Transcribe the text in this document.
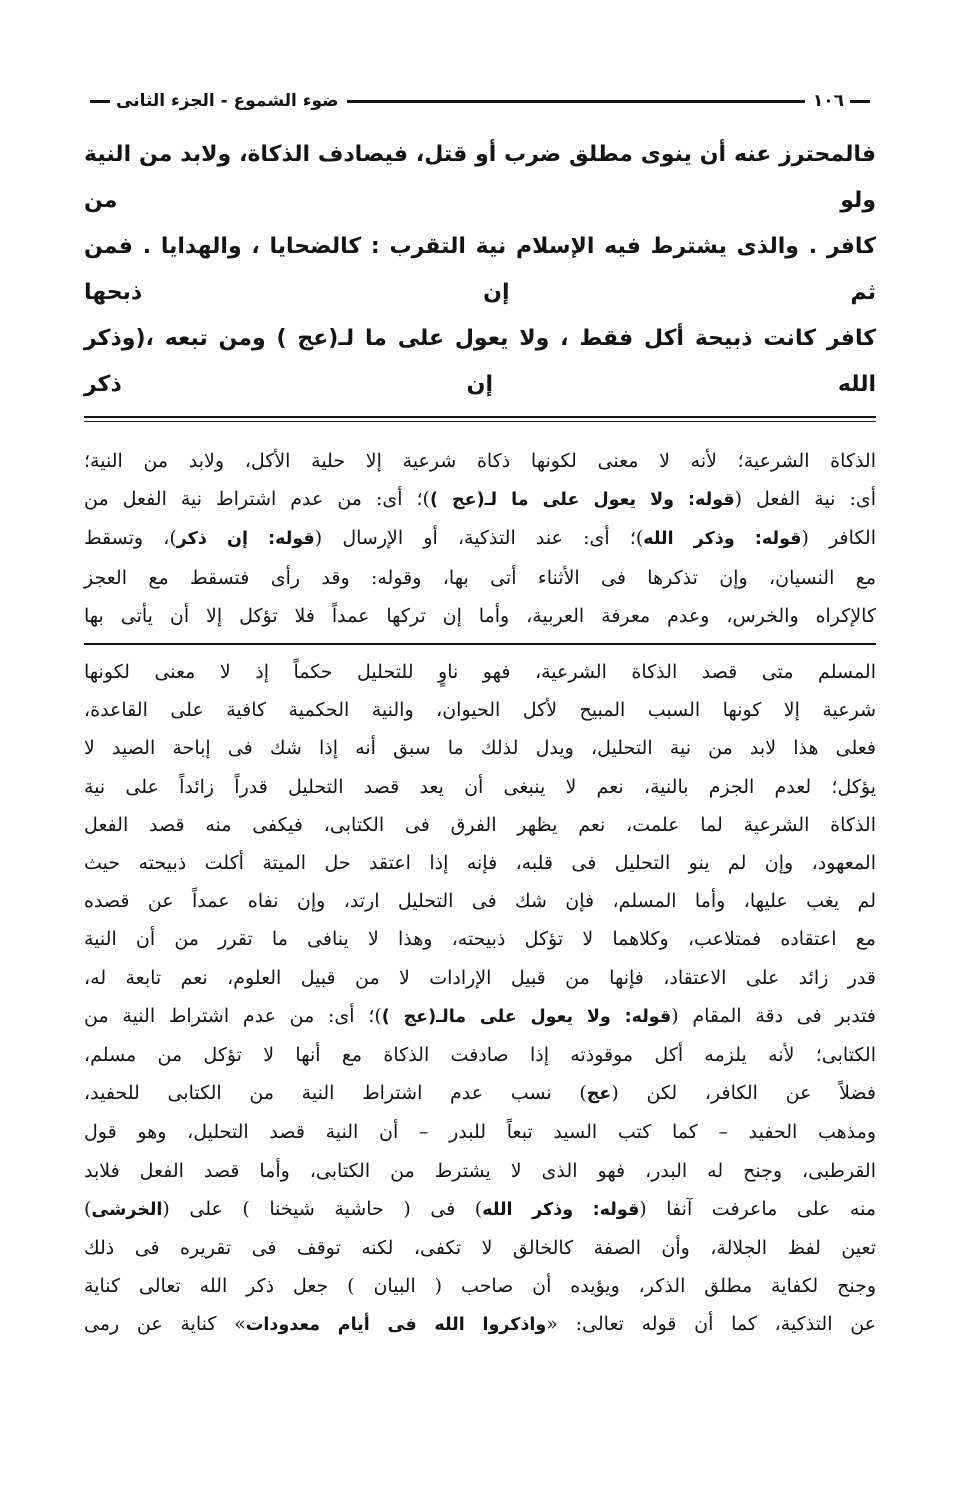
١٠٦
ضوء الشموع - الجزء الثانى

فالمحترز عنه أن ينوى مطلق ضرب أو قتل، فيصادف الذكاة، ولابد من النية ولو من

كافر . والذى يشترط فيه الإسلام نية التقرب : كالضحايا ، والهدايا . فمن ثم إن ذبحها

كافر كانت ذبيحة أكل فقط ، ولا يعول على ما لـ(عج ) ومن تبعه ،(وذكر الله إن ذكر

الذكاة الشرعية؛ لأنه لا معنى لكونها ذكاة شرعية إلا حلية الأكل، ولابد من النية؛

أى: نية الفعل (قوله: ولا يعول على ما لـ(عج ))؛ أى: من عدم اشتراط نية الفعل من

الكافر (قوله: وذكر الله)؛ أى: عند التذكية، أو الإرسال (قوله: إن ذكر)، وتسقط

مع النسيان، وإن تذكرها فى الأثناء أتى بها، وقوله: وقد رأى فتسقط مع العجز

كالإكراه والخرس، وعدم معرفة العربية، وأما إن تركها عمداً فلا تؤكل إلا أن يأتى بها

المسلم متى قصد الذكاة الشرعية، فهو ناوٍ للتحليل حكماً إذ لا معنى لكونها

شرعية إلا كونها السبب المبيح لأكل الحيوان، والنية الحكمية كافية على القاعدة،

فعلى هذا لابد من نية التحليل، ويدل لذلك ما سبق أنه إذا شك فى إباحة الصيد لا

يؤكل؛ لعدم الجزم بالنية، نعم لا ينبغى أن يعد قصد التحليل قدراً زائداً على نية

الذكاة الشرعية لما علمت، نعم يظهر الفرق فى الكتابى، فيكفى منه قصد الفعل

المعهود، وإن لم ينو التحليل فى قلبه، فإنه إذا اعتقد حل الميتة أكلت ذبيحته حيث

لم يغب عليها، وأما المسلم، فإن شك فى التحليل ارتد، وإن نفاه عمداً عن قصده

مع اعتقاده فمتلاعب، وكلاهما لا تؤكل ذبيحته، وهذا لا ينافى ما تقرر من أن النية

قدر زائد على الاعتقاد، فإنها من قبيل الإرادات لا من قبيل العلوم، نعم تابعة له،

فتدبر فى دقة المقام (قوله: ولا يعول على مالـ(عج ))؛ أى: من عدم اشتراط النية من

الكتابى؛ لأنه يلزمه أكل موقوذته إذا صادفت الذكاة مع أنها لا تؤكل من مسلم،

فضلاً عن الكافر، لكن (عج) نسب عدم اشتراط النية من الكتابى للحفيد،

ومذهب الحفيد – كما كتب السيد تبعاً للبدر – أن النية قصد التحليل، وهو قول

القرطبى، وجنح له البدر، فهو الذى لا يشترط من الكتابى، وأما قصد الفعل فلابد

منه على ماعرفت آنفا (قوله: وذكر الله) فى ( حاشية شيخنا ) على (الخرشى)

تعين لفظ الجلالة، وأن الصفة كالخالق لا تكفى، لكنه توقف فى تقريره فى ذلك

وجنح لكفاية مطلق الذكر، ويؤيده أن صاحب ( البيان ) جعل ذكر الله تعالى كناية

عن التذكية، كما أن قوله تعالى: «واذكروا الله فى أيام معدودات» كناية عن رمى
